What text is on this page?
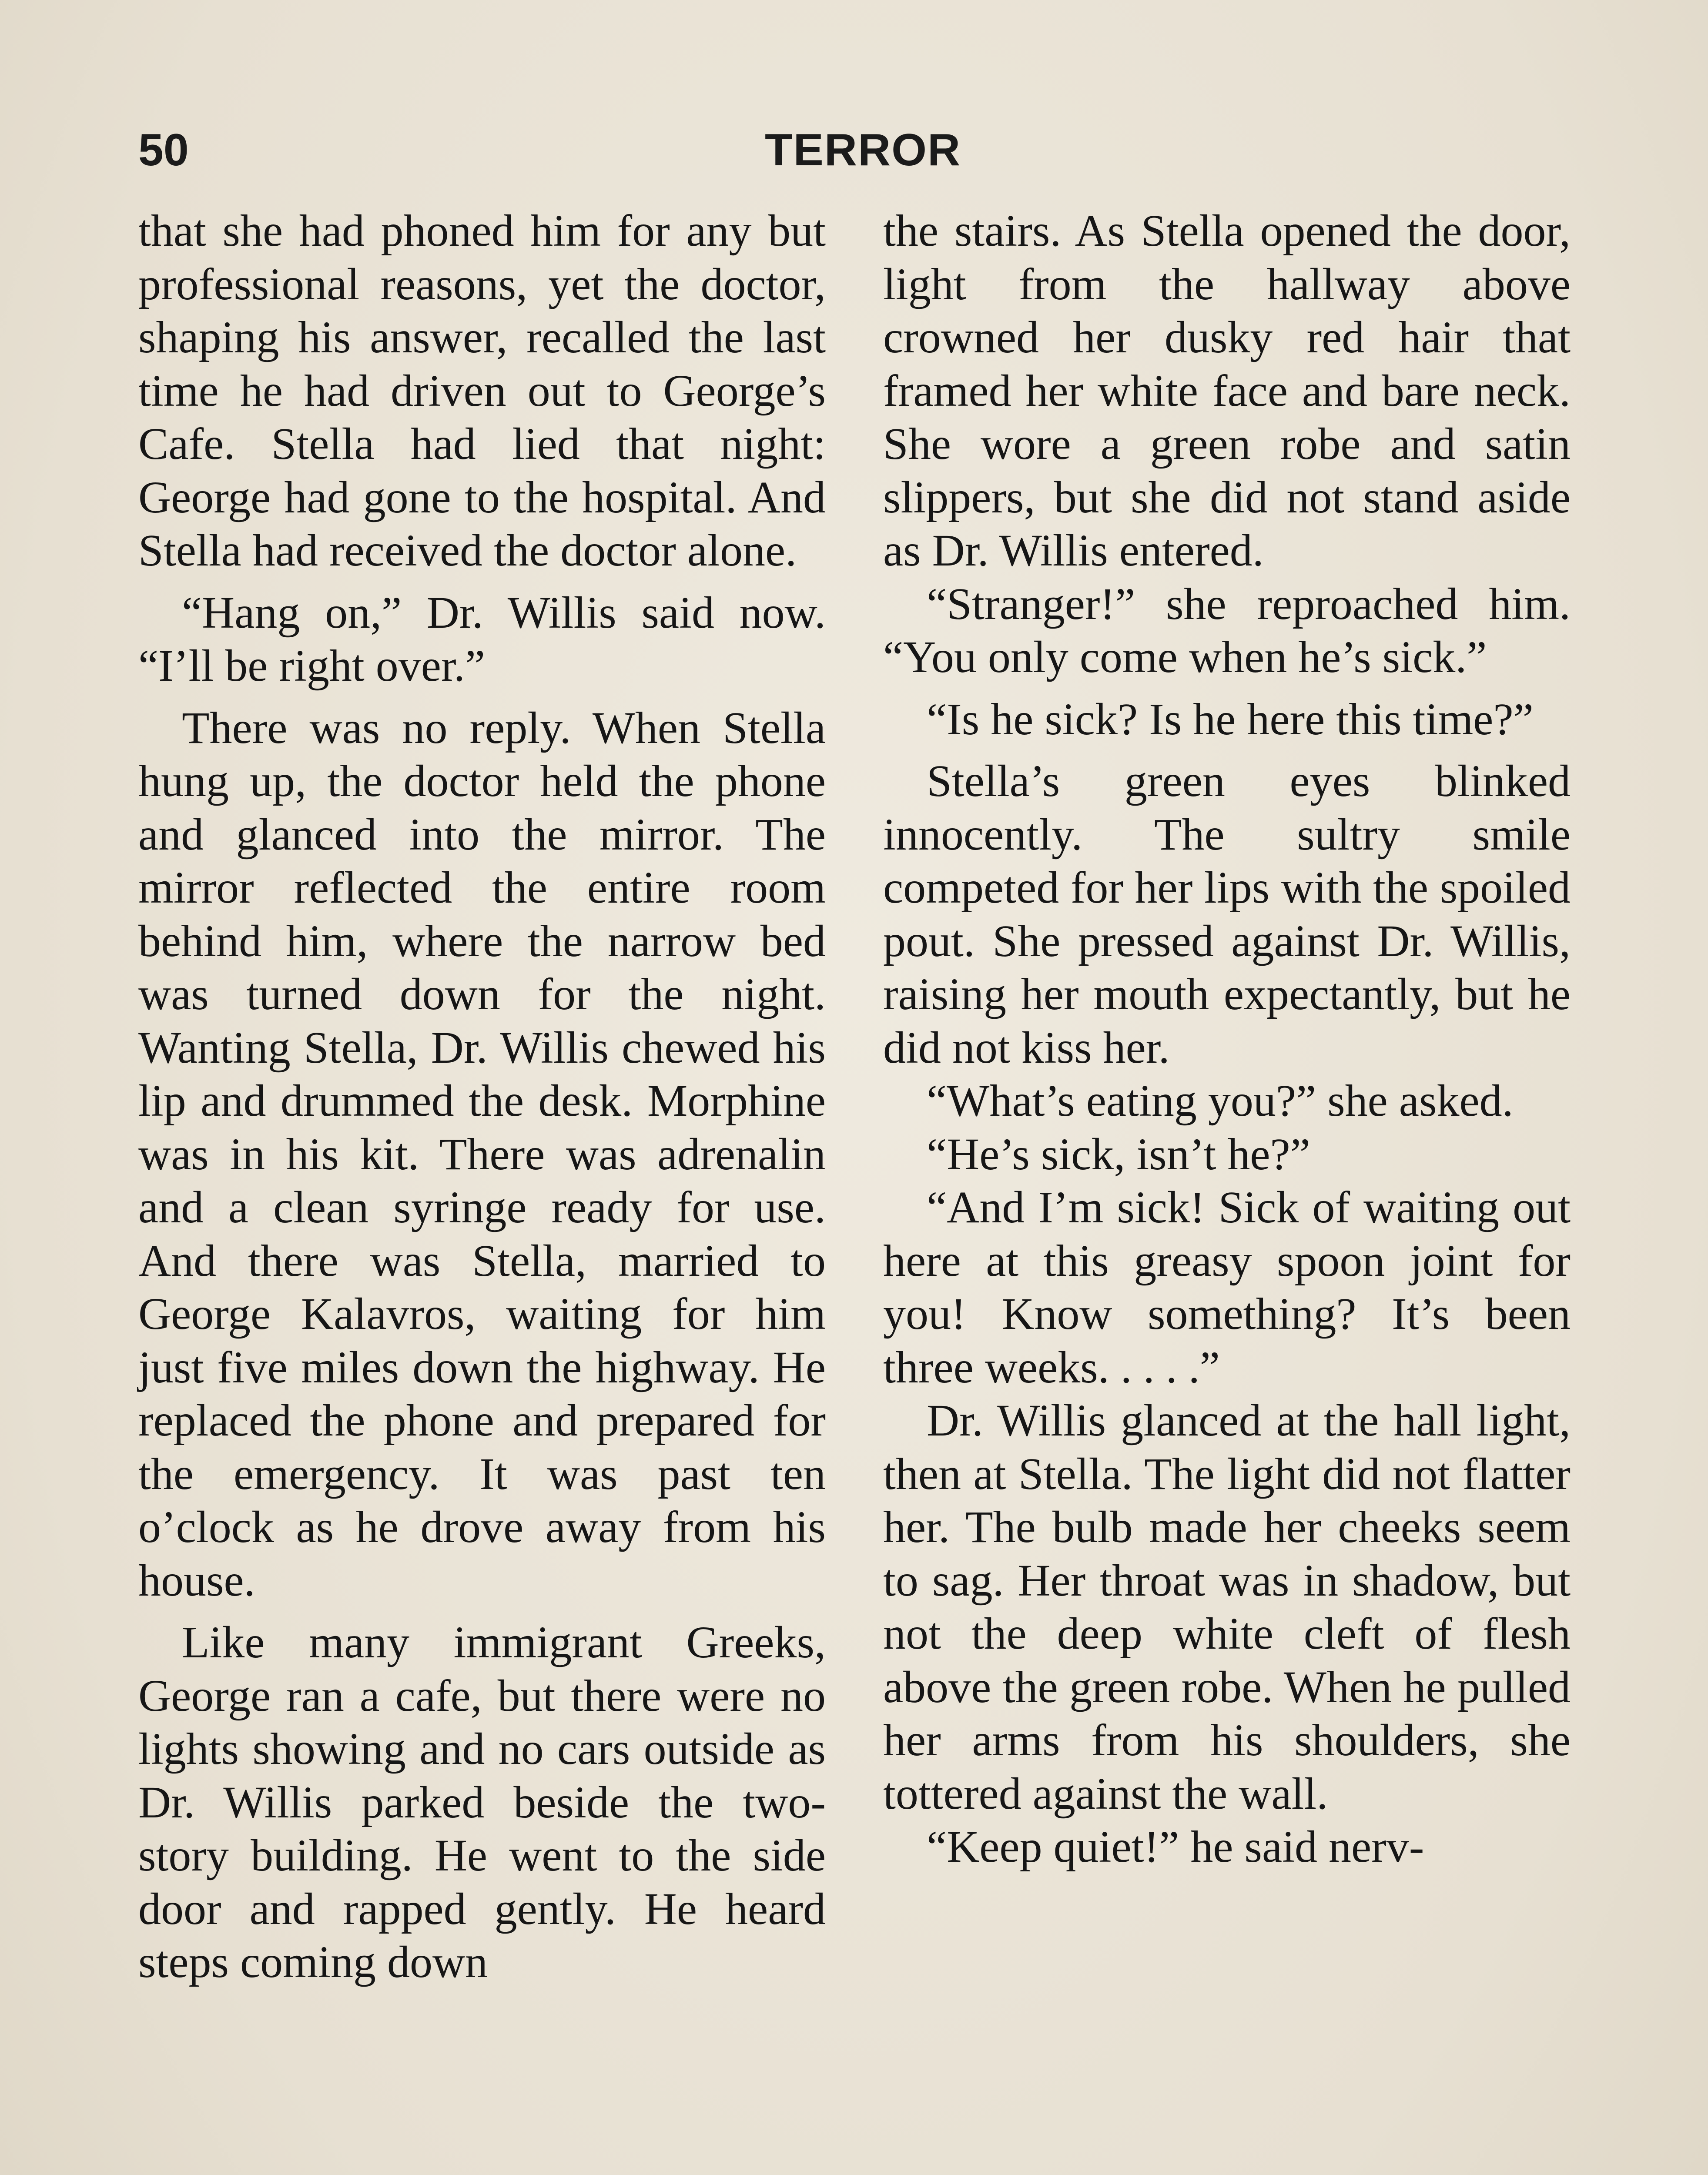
50	TERROR

that she had phoned him for any but professional reasons, yet the doctor, shaping his answer, recalled the last time he had driven out to George’s Cafe. Stella had lied that night: George had gone to the hospital. And Stella had received the doctor alone.

“Hang on,” Dr. Willis said now. “I’ll be right over.”

There was no reply. When Stella hung up, the doctor held the phone and glanced into the mirror. The mirror reflected the entire room behind him, where the narrow bed was turned down for the night. Wanting Stella, Dr. Willis chewed his lip and drummed the desk. Morphine was in his kit. There was adrenalin and a clean syringe ready for use. And there was Stella, married to George Kalavros, waiting for him just five miles down the highway. He replaced the phone and prepared for the emergency. It was past ten o’clock as he drove away from his house.

Like many immigrant Greeks, George ran a cafe, but there were no lights showing and no cars outside as Dr. Willis parked beside the two-story building. He went to the side door and rapped gently. He heard steps coming down

the stairs. As Stella opened the door, light from the hallway above crowned her dusky red hair that framed her white face and bare neck. She wore a green robe and satin slippers, but she did not stand aside as Dr. Willis entered.

“Stranger!” she reproached him. “You only come when he’s sick.”

“Is he sick? Is he here this time?”

Stella’s green eyes blinked innocently. The sultry smile competed for her lips with the spoiled pout. She pressed against Dr. Willis, raising her mouth expectantly, but he did not kiss her.

“What’s eating you?” she asked.

“He’s sick, isn’t he?”

“And I’m sick! Sick of waiting out here at this greasy spoon joint for you! Know something? It’s been three weeks. . . . .”

Dr. Willis glanced at the hall light, then at Stella. The light did not flatter her. The bulb made her cheeks seem to sag. Her throat was in shadow, but not the deep white cleft of flesh above the green robe. When he pulled her arms from his shoulders, she tottered against the wall.

“Keep quiet!” he said nerv-
